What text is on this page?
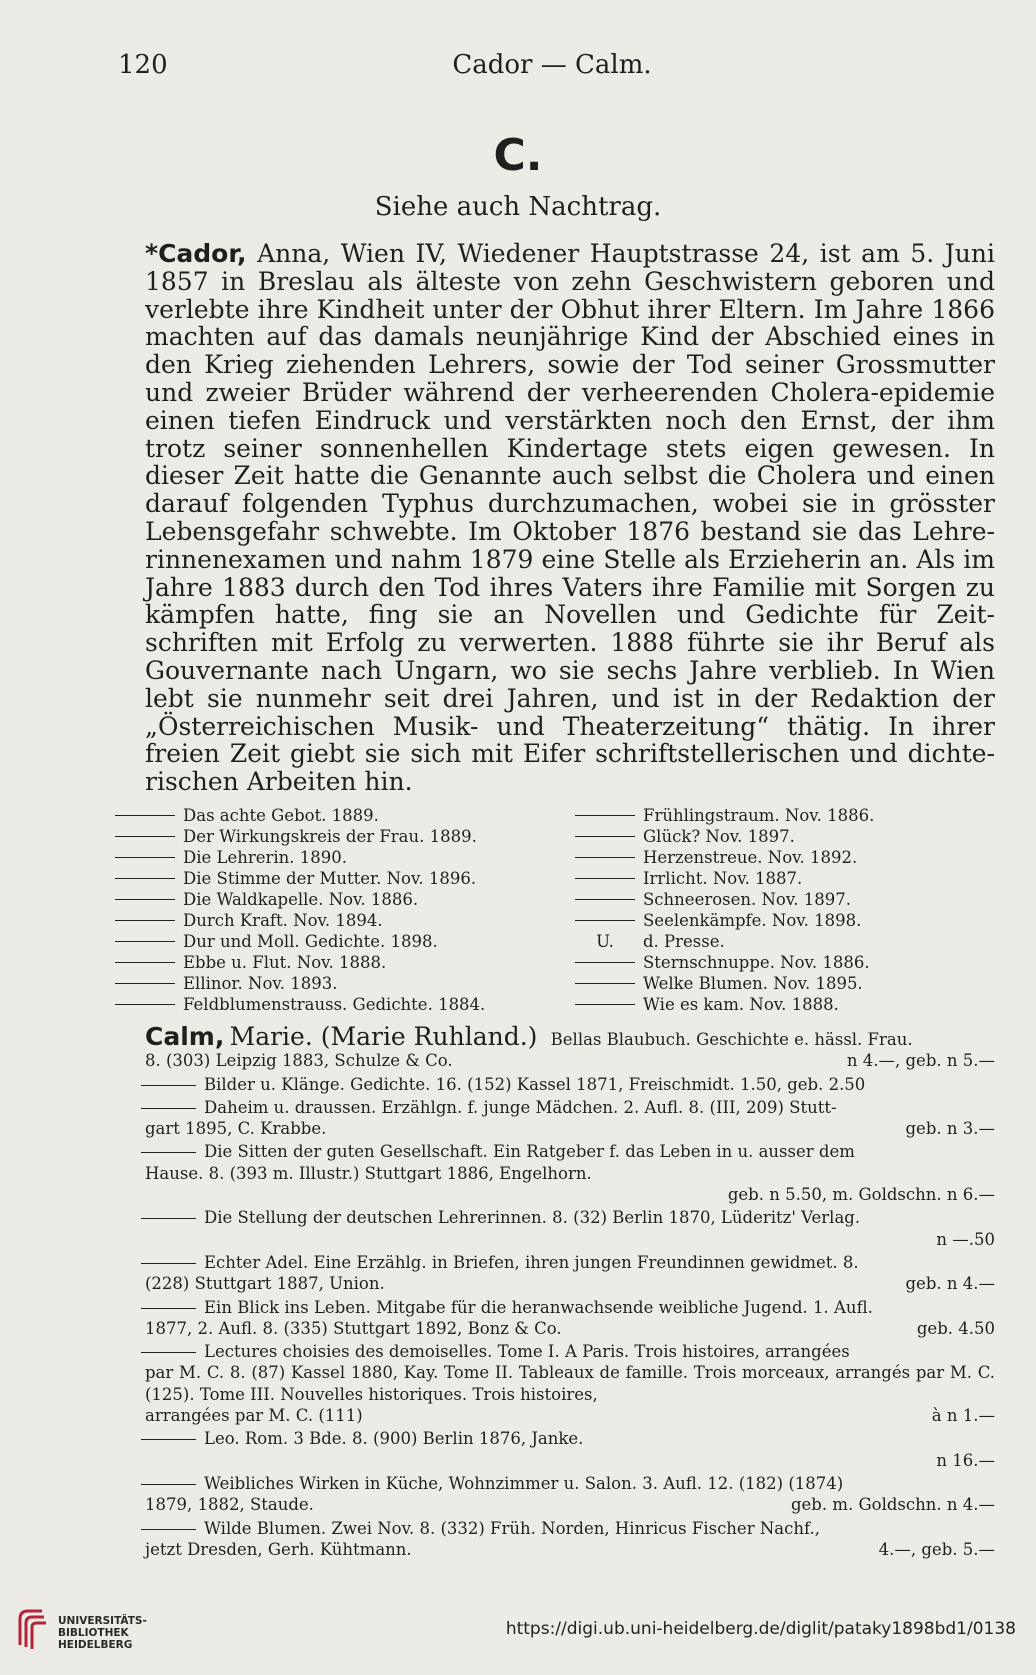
120	Cador — Calm.
C.
Siehe auch Nachtrag.
*Cador, Anna, Wien IV, Wiedener Hauptstrasse 24, ist am 5. Juni 1857 in Breslau als älteste von zehn Geschwistern geboren und verlebte ihre Kindheit unter der Obhut ihrer Eltern. Im Jahre 1866 machten auf das damals neunjährige Kind der Abschied eines in den Krieg ziehenden Lehrers, sowie der Tod seiner Grossmutter und zweier Brüder während der verheerenden Cholera-epidemie einen tiefen Eindruck und verstärkten noch den Ernst, der ihm trotz seiner sonnenhellen Kindertage stets eigen gewesen. In dieser Zeit hatte die Genannte auch selbst die Cholera und einen darauf folgenden Typhus durchzumachen, wobei sie in grösster Lebensgefahr schwebte. Im Oktober 1876 bestand sie das Lehre-rinnenexamen und nahm 1879 eine Stelle als Erzieherin an. Als im Jahre 1883 durch den Tod ihres Vaters ihre Familie mit Sorgen zu kämpfen hatte, fing sie an Novellen und Gedichte für Zeit-schriften mit Erfolg zu verwerten. 1888 führte sie ihr Beruf als Gouvernante nach Ungarn, wo sie sechs Jahre verblieb. In Wien lebt sie nunmehr seit drei Jahren, und ist in der Redaktion der „Österreichischen Musik- und Theaterzeitung“ thätig. In ihrer freien Zeit giebt sie sich mit Eifer schriftstellerischen und dichte-rischen Arbeiten hin.
Das achte Gebot. 1889.
Der Wirkungskreis der Frau. 1889.
Die Lehrerin. 1890.
Die Stimme der Mutter. Nov. 1896.
Die Waldkapelle. Nov. 1886.
Durch Kraft. Nov. 1894.
Dur und Moll. Gedichte. 1898.
Ebbe u. Flut. Nov. 1888.
Ellinor. Nov. 1893.
Feldblumenstrauss. Gedichte. 1884.
Frühlingstraum. Nov. 1886.
Glück? Nov. 1897.
Herzenstreue. Nov. 1892.
Irrlicht. Nov. 1887.
Schneerosen. Nov. 1897.
Seelenkämpfe. Nov. 1898.
U.	d. Presse.
Sternschnuppe. Nov. 1886.
Welke Blumen. Nov. 1895.
Wie es kam. Nov. 1888.
Calm, Marie. (Marie Ruhland.) Bellas Blaubuch. Geschichte e. hässl. Frau.
8. (303) Leipzig 1883, Schulze & Co.	n 4.—, geb. n 5.—
Bilder u. Klänge. Gedichte. 16. (152) Kassel 1871, Freischmidt. 1.50, geb. 2.50
Daheim u. draussen. Erzählgn. f. junge Mädchen. 2. Aufl. 8. (III, 209) Stutt-
gart 1895, C. Krabbe.	geb. n 3.—
Die Sitten der guten Gesellschaft. Ein Ratgeber f. das Leben in u. ausser dem
Hause. 8. (393 m. Illustr.) Stuttgart 1886, Engelhorn.
geb. n 5.50, m. Goldschn. n 6.—
Die Stellung der deutschen Lehrerinnen. 8. (32) Berlin 1870, Lüderitz' Verlag.
n —.50
Echter Adel. Eine Erzählg. in Briefen, ihren jungen Freundinnen gewidmet. 8.
(228) Stuttgart 1887, Union.	geb. n 4.—
Ein Blick ins Leben. Mitgabe für die heranwachsende weibliche Jugend. 1. Aufl.
1877, 2. Aufl. 8. (335) Stuttgart 1892, Bonz & Co.	geb. 4.50
Lectures choisies des demoiselles. Tome I. A Paris. Trois histoires, arrangées
par M. C. 8. (87) Kassel 1880, Kay. Tome II. Tableaux de famille. Trois morceaux, arrangés par M. C. (125). Tome III. Nouvelles historiques. Trois histoires,
arrangées par M. C. (111)	à n 1.—
Leo. Rom. 3 Bde. 8. (900) Berlin 1876, Janke.
n 16.—
Weibliches Wirken in Küche, Wohnzimmer u. Salon. 3. Aufl. 12. (182) (1874)
1879, 1882, Staude.	geb. m. Goldschn. n 4.—
Wilde Blumen. Zwei Nov. 8. (332) Früh. Norden, Hinricus Fischer Nachf.,
jetzt Dresden, Gerh. Kühtmann.	4.—, geb. 5.—
UNIVERSITÄTS-
BIBLIOTHEK
HEIDELBERG
https://digi.ub.uni-heidelberg.de/diglit/pataky1898bd1/0138
